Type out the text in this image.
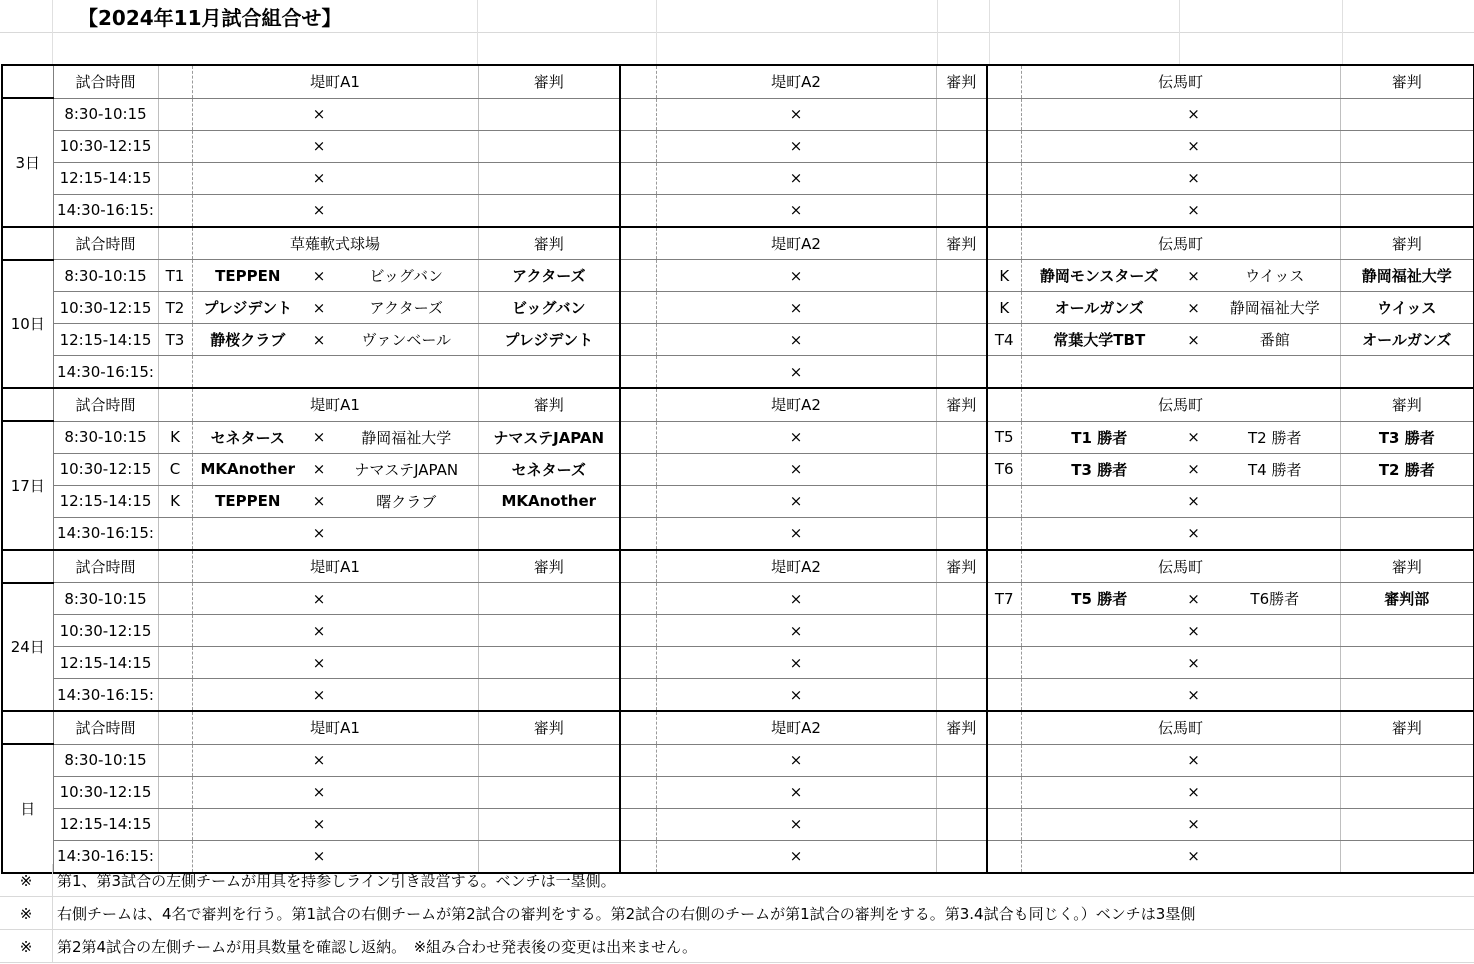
【2024年11月試合組合せ】
	試合時間		堤町A1			審判		堤町A2			審判		伝馬町			審判
3日	8:30-10:15			×					×					×		
	10:30-12:15			×					×					×		
	12:15-14:15			×					×					×		
	14:30-16:15:			×					×					×		
	試合時間		草薙軟式球場			審判		堤町A2			審判		伝馬町			審判
10日	8:30-10:15	T1	TEPPEN	×	ビッグバン	アクターズ			×			K	静岡モンスターズ	×	ウイッス	静岡福祉大学
	10:30-12:15	T2	プレジデント	×	アクターズ	ビッグバン			×			K	オールガンズ	×	静岡福祉大学	ウイッス
	12:15-14:15	T3	静桜クラブ	×	ヴァンベール	プレジデント			×			T4	常葉大学TBT	×	番館	オールガンズ
	14:30-16:15:								×							
	試合時間		堤町A1			審判		堤町A2			審判		伝馬町			審判
17日	8:30-10:15	K	セネタース	×	静岡福祉大学	ナマステJAPAN			×			T5	T1 勝者	×	T2 勝者	T3 勝者
	10:30-12:15	C	MKAnother	×	ナマステJAPAN	セネターズ			×			T6	T3 勝者	×	T4 勝者	T2 勝者
	12:15-14:15	K	TEPPEN	×	曙クラブ	MKAnother			×					×		
	14:30-16:15:			×					×					×		
	試合時間		堤町A1			審判		堤町A2			審判		伝馬町			審判
24日	8:30-10:15			×					×			T7	T5 勝者	×	T6勝者	審判部
	10:30-12:15			×					×					×		
	12:15-14:15			×					×					×		
	14:30-16:15:			×					×					×		
	試合時間		堤町A1			審判		堤町A2			審判		伝馬町			審判
日	8:30-10:15			×					×					×		
	10:30-12:15			×					×					×		
	12:15-14:15			×					×					×		
	14:30-16:15:			×					×					×		
※	第1、第3試合の左側チームが用具を持参しライン引き設営する。ベンチは一塁側。
※	右側チームは、4名で審判を行う。第1試合の右側チームが第2試合の審判をする。第2試合の右側のチームが第1試合の審判をする。第3.4試合も同じく。）ベンチは3塁側
※	第2第4試合の左側チームが用具数量を確認し返納。　※組み合わせ発表後の変更は出来ません。
